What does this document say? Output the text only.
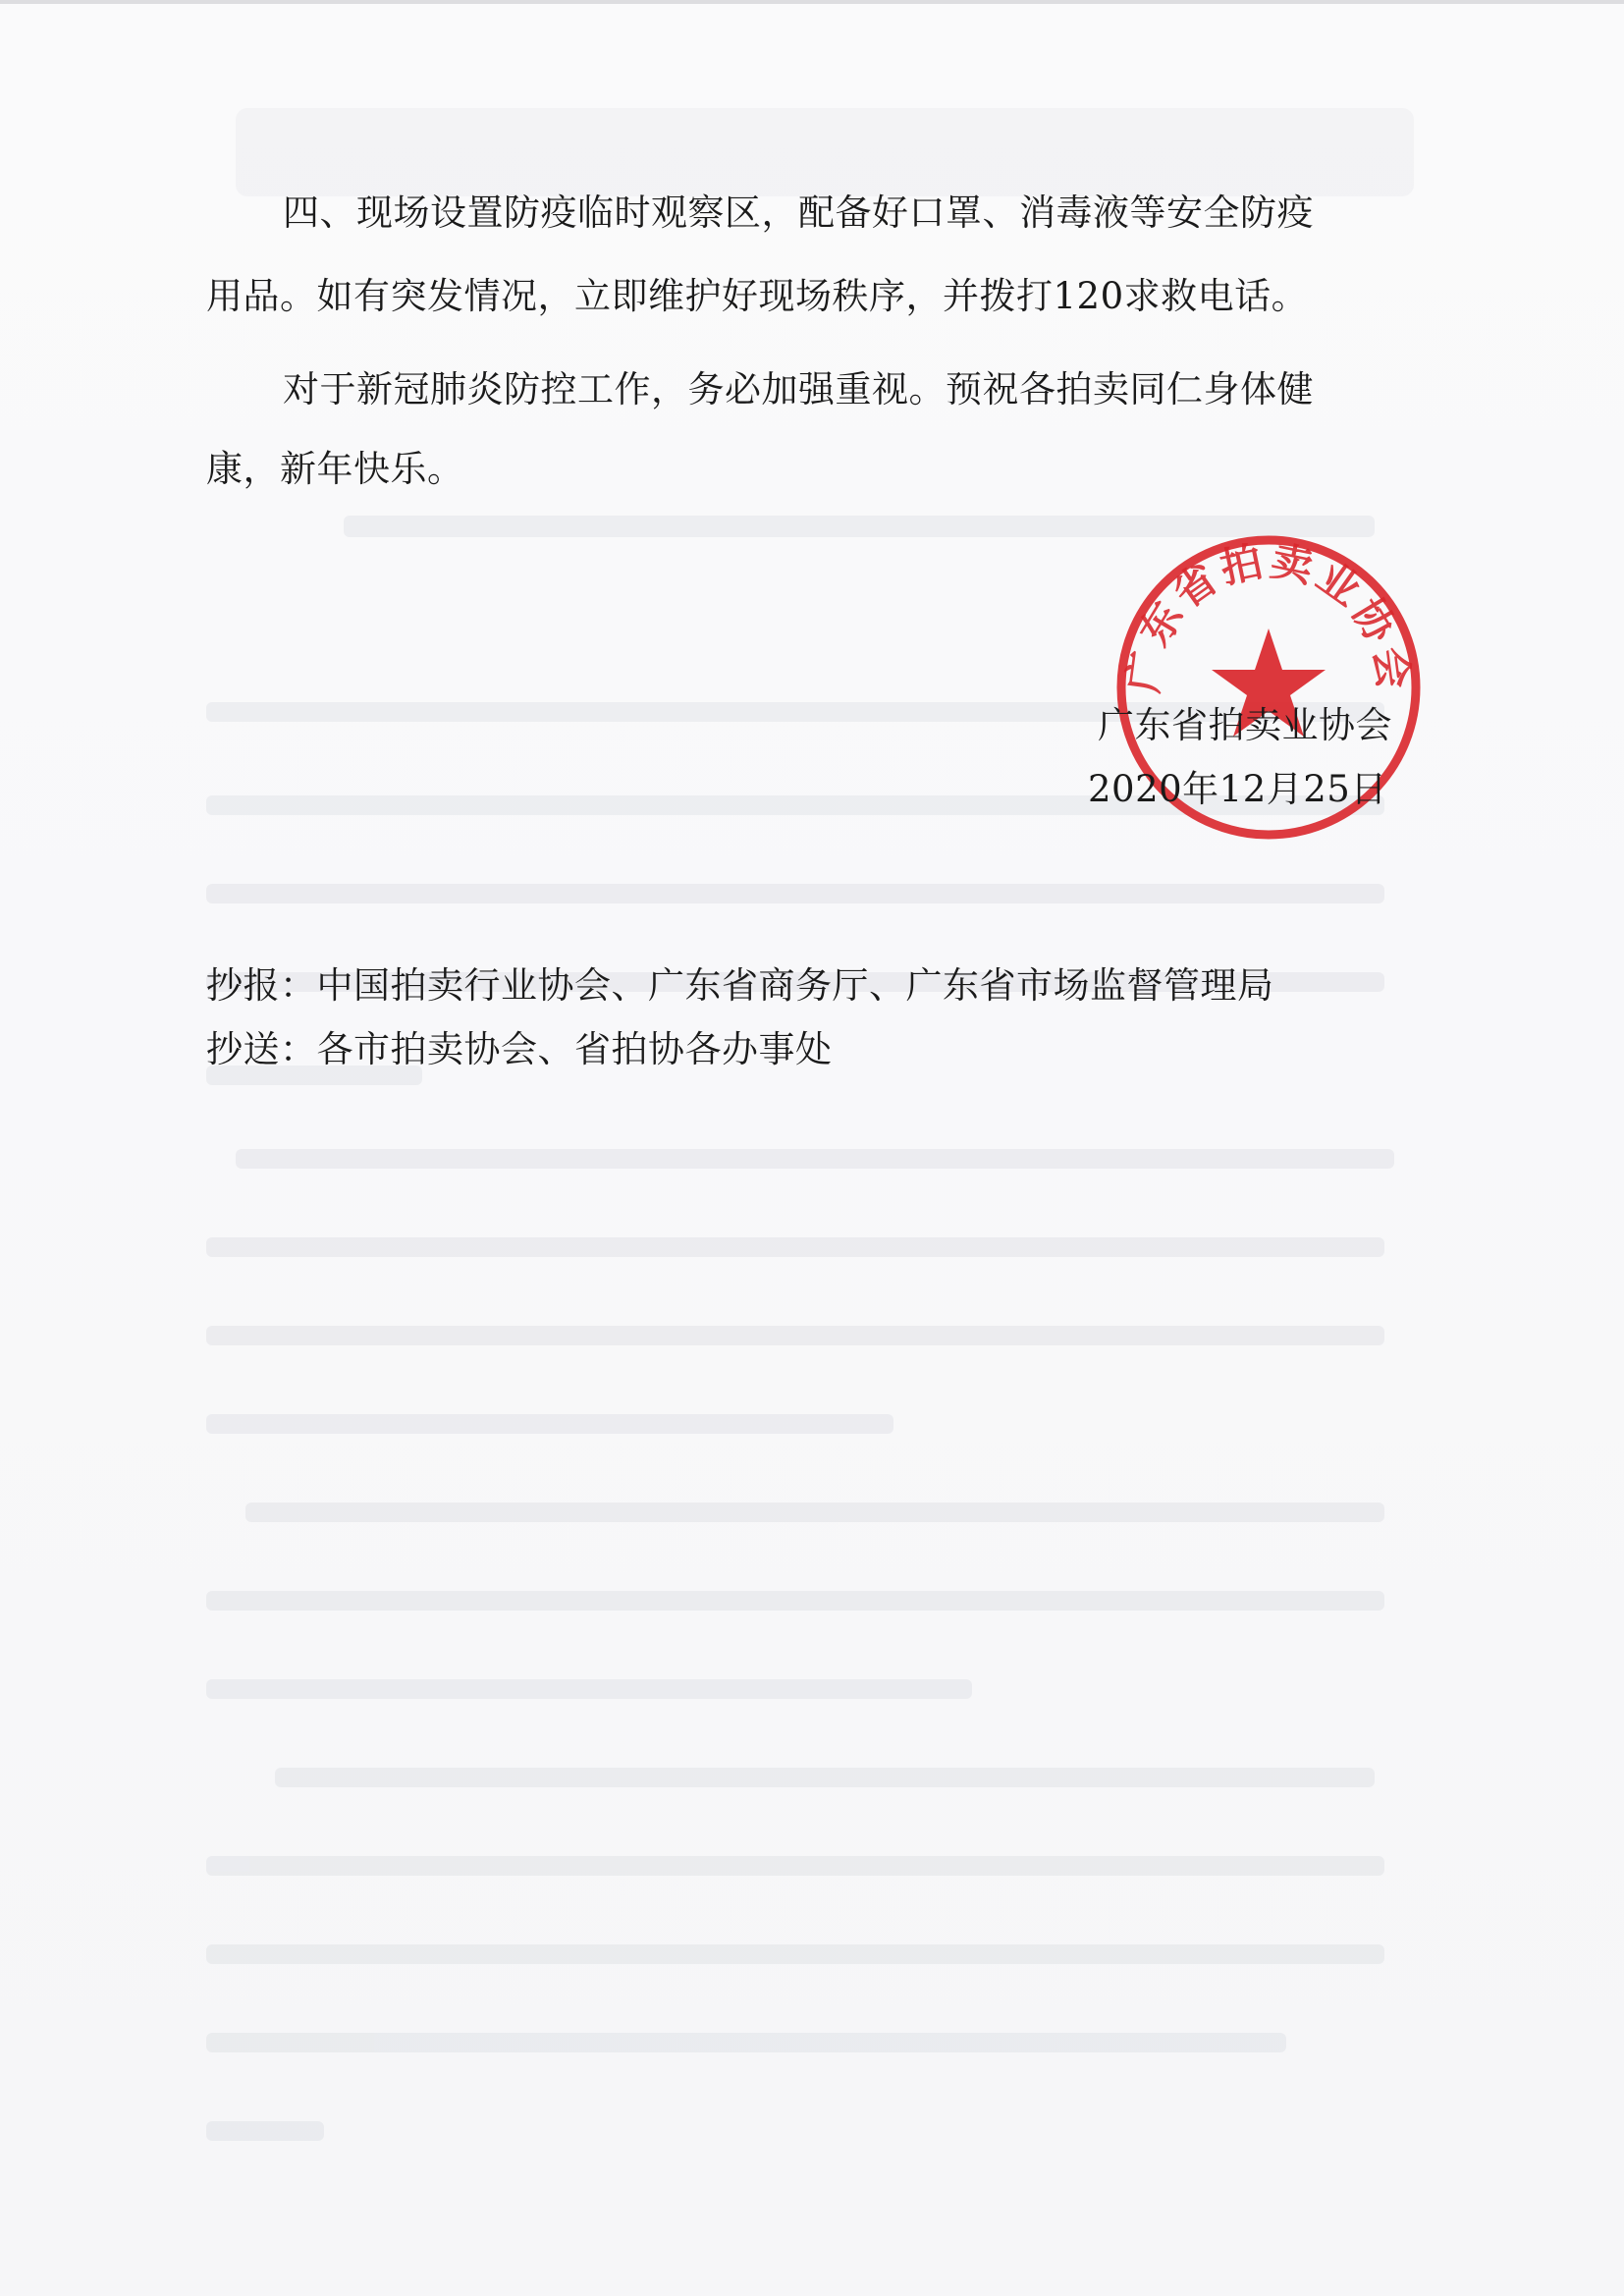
四、现场设置防疫临时观察区，配备好口罩、消毒液等安全防疫
用品。如有突发情况，立即维护好现场秩序，并拨打120求救电话。
对于新冠肺炎防控工作，务必加强重视。预祝各拍卖同仁身体健
康，新年快乐。
广东省拍卖业协会
广东省拍卖业协会
2020年12月25日
抄报：中国拍卖行业协会、广东省商务厅、广东省市场监督管理局
抄送：各市拍卖协会、省拍协各办事处
